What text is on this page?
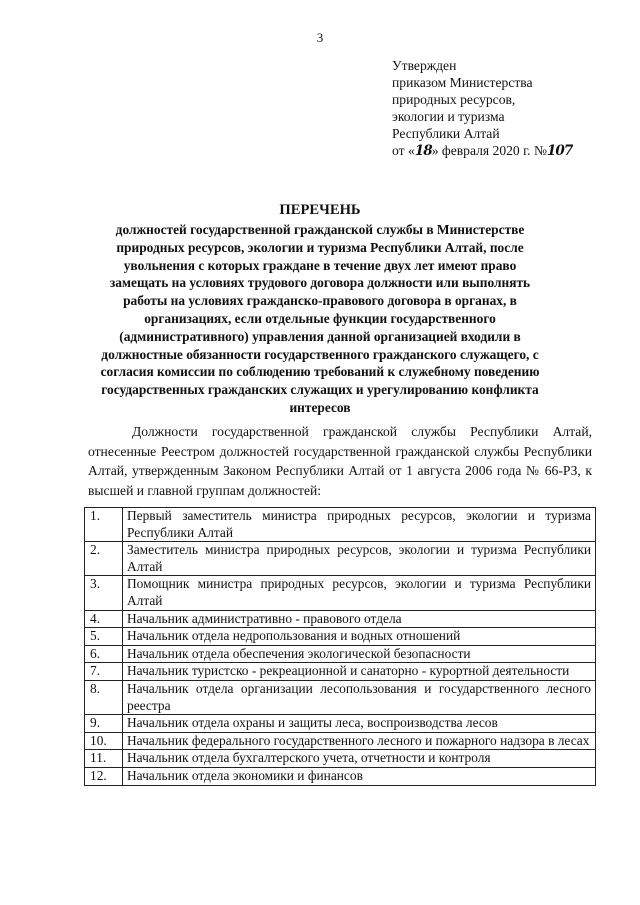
3
Утвержден
приказом Министерства
природных ресурсов,
экологии и туризма
Республики Алтай
от «18» февраля 2020 г. №107
ПЕРЕЧЕНЬ
должностей государственной гражданской службы в Министерстве природных ресурсов, экологии и туризма Республики Алтай, после увольнения с которых граждане в течение двух лет имеют право замещать на условиях трудового договора должности или выполнять работы на условиях гражданско-правового договора в органах, в организациях, если отдельные функции государственного (административного) управления данной организацией входили в должностные обязанности государственного гражданского служащего, с согласия комиссии по соблюдению требований к служебному поведению государственных гражданских служащих и урегулированию конфликта интересов
Должности государственной гражданской службы Республики Алтай, отнесенные Реестром должностей государственной гражданской службы Республики Алтай, утвержденным Законом Республики Алтай от 1 августа 2006 года № 66-РЗ, к высшей и главной группам должностей:
1.	Первый заместитель министра природных ресурсов, экологии и туризма Республики Алтай
2.	Заместитель министра природных ресурсов, экологии и туризма Республики Алтай
3.	Помощник министра природных ресурсов, экологии и туризма Республики Алтай
4.	Начальник административно - правового отдела
5.	Начальник отдела недропользования и водных отношений
6.	Начальник отдела обеспечения экологической безопасности
7.	Начальник туристско - рекреационной и санаторно - курортной деятельности
8.	Начальник отдела организации лесопользования и государственного лесного реестра
9.	Начальник отдела охраны и защиты леса, воспроизводства лесов
10.	Начальник федерального государственного лесного и пожарного надзора в лесах
11.	Начальник отдела бухгалтерского учета, отчетности и контроля
12.	Начальник отдела экономики и финансов
